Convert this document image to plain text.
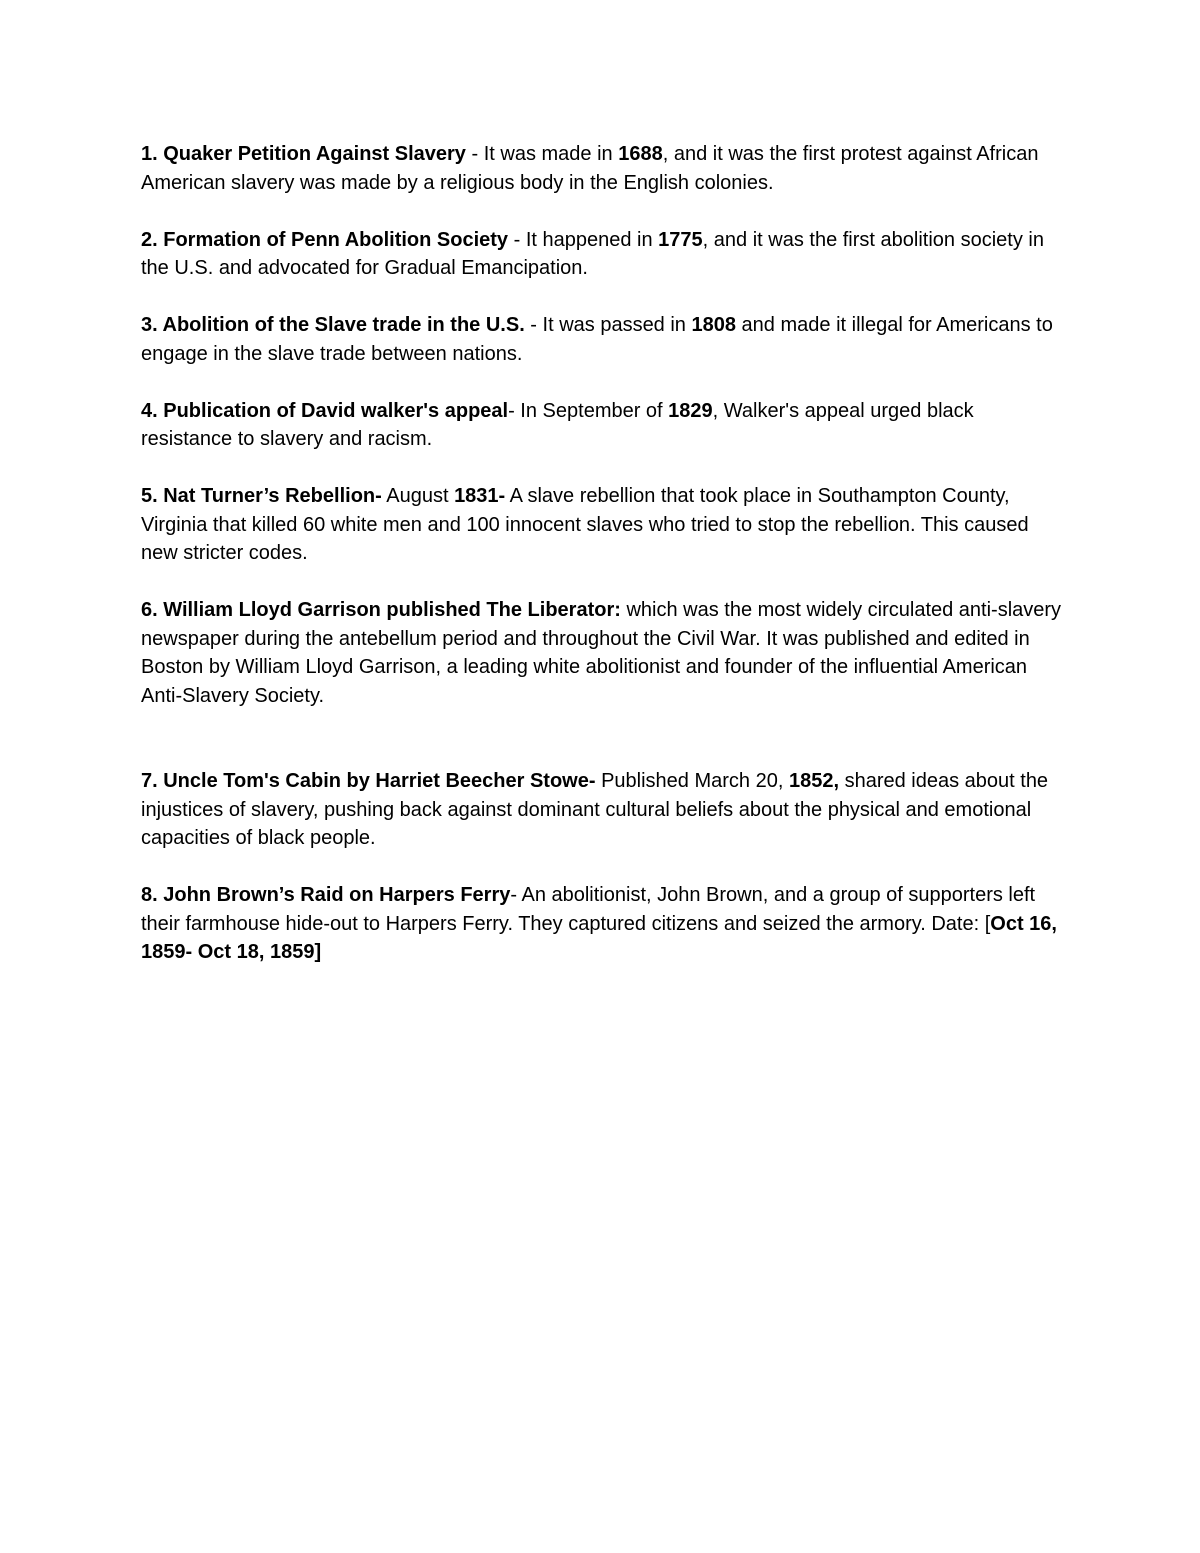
1. Quaker Petition Against Slavery - It was made in 1688, and it was the first protest against African American slavery was made by a religious body in the English colonies.

2. Formation of Penn Abolition Society - It happened in 1775, and it was the first abolition society in the U.S. and advocated for Gradual Emancipation.

3. Abolition of the Slave trade in the U.S. - It was passed in 1808 and made it illegal for Americans to engage in the slave trade between nations.

4. Publication of David walker's appeal- In September of 1829, Walker's appeal urged black resistance to slavery and racism.

5. Nat Turner’s Rebellion- August 1831- A slave rebellion that took place in Southampton County, Virginia that killed 60 white men and 100 innocent slaves who tried to stop the rebellion. This caused new stricter codes.

6. William Lloyd Garrison published The Liberator: which was the most widely circulated anti-slavery newspaper during the antebellum period and throughout the Civil War. It was published and edited in Boston by William Lloyd Garrison, a leading white abolitionist and founder of the influential American Anti-Slavery Society.

7. Uncle Tom's Cabin by Harriet Beecher Stowe- Published March 20, 1852, shared ideas about the injustices of slavery, pushing back against dominant cultural beliefs about the physical and emotional capacities of black people.

8. John Brown’s Raid on Harpers Ferry- An abolitionist, John Brown, and a group of supporters left their farmhouse hide-out to Harpers Ferry. They captured citizens and seized the armory. Date: [Oct 16, 1859- Oct 18, 1859]
